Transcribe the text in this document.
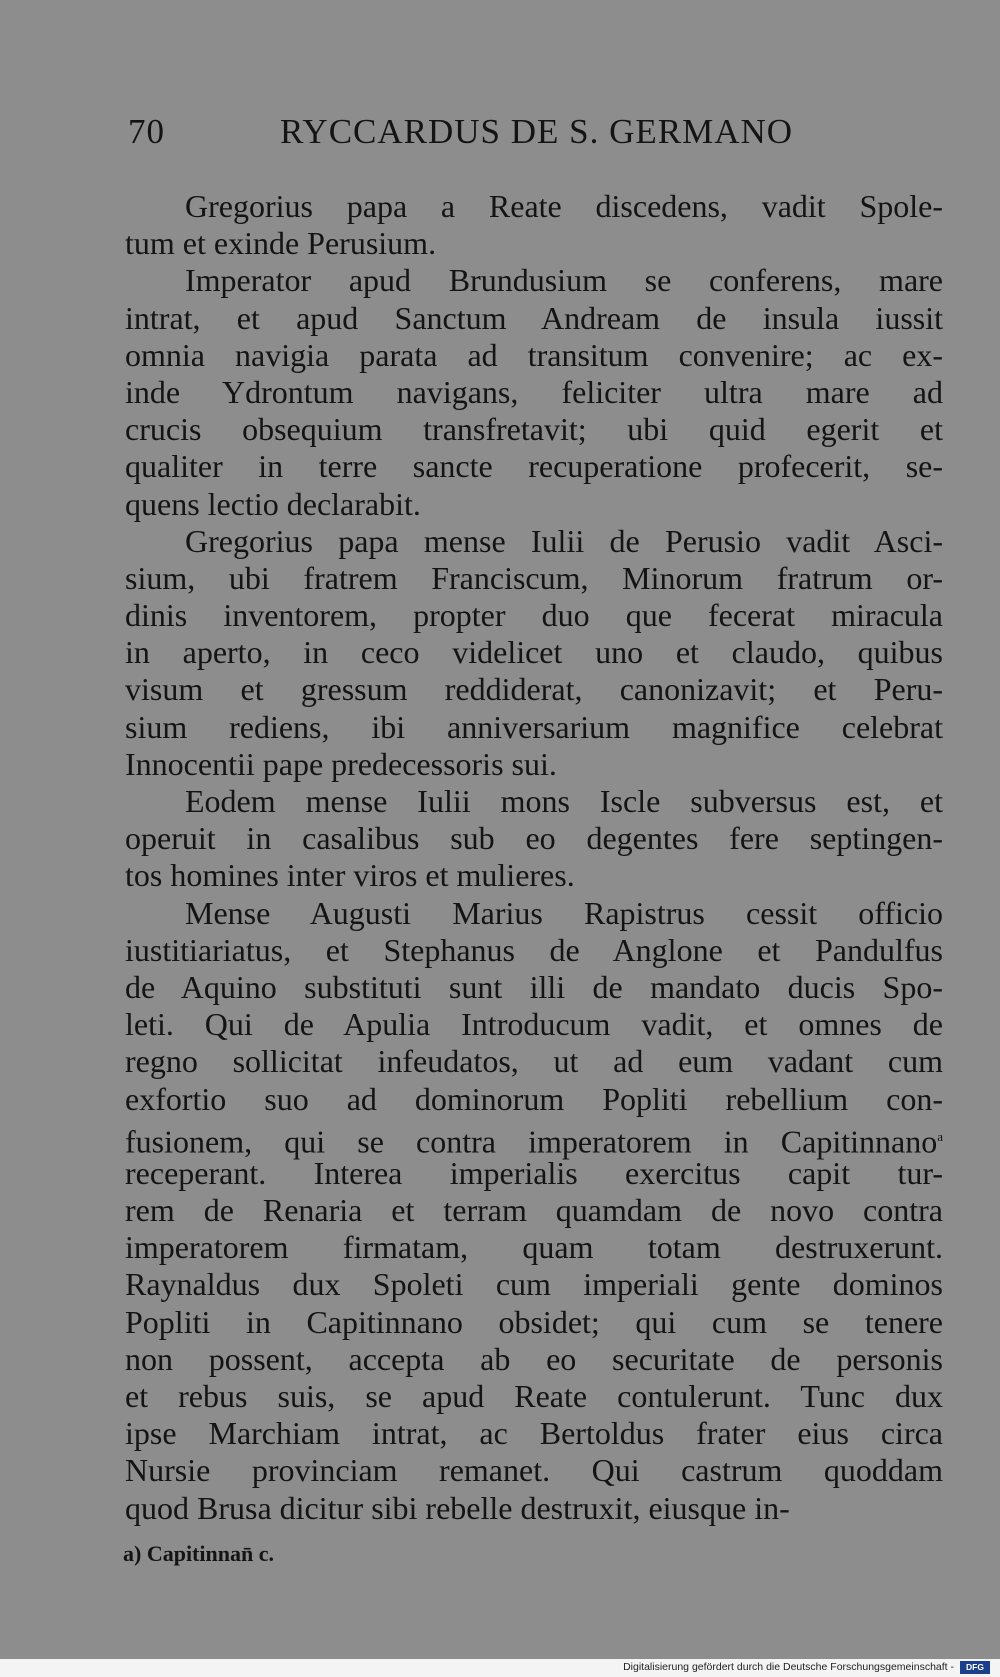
70	RYCCARDUS DE S. GERMANO
Gregorius papa a Reate discedens, vadit Spole-
tum et exinde Perusium.
Imperator apud Brundusium se conferens, mare
intrat, et apud Sanctum Andream de insula iussit
omnia navigia parata ad transitum convenire; ac ex-
inde Ydrontum navigans, feliciter ultra mare ad
crucis obsequium transfretavit; ubi quid egerit et
qualiter in terre sancte recuperatione profecerit, se-
quens lectio declarabit.
Gregorius papa mense Iulii de Perusio vadit Asci-
sium, ubi fratrem Franciscum, Minorum fratrum or-
dinis inventorem, propter duo que fecerat miracula
in aperto, in ceco videlicet uno et claudo, quibus
visum et gressum reddiderat, canonizavit; et Peru-
sium rediens, ibi anniversarium magnifice celebrat
Innocentii pape predecessoris sui.
Eodem mense Iulii mons Iscle subversus est, et
operuit in casalibus sub eo degentes fere septingen-
tos homines inter viros et mulieres.
Mense Augusti Marius Rapistrus cessit officio
iustitiariatus, et Stephanus de Anglone et Pandulfus
de Aquino substituti sunt illi de mandato ducis Spo-
leti. Qui de Apulia Introducum vadit, et omnes de
regno sollicitat infeudatos, ut ad eum vadant cum
exfortio suo ad dominorum Popliti rebellium con-
fusionem, qui se contra imperatorem in Capitinnano$^a$
receperant. Interea imperialis exercitus capit tur-
rem de Renaria et terram quamdam de novo contra
imperatorem firmatam, quam totam destruxerunt.
Raynaldus dux Spoleti cum imperiali gente dominos
Popliti in Capitinnano obsidet; qui cum se tenere
non possent, accepta ab eo securitate de personis
et rebus suis, se apud Reate contulerunt. Tunc dux
ipse Marchiam intrat, ac Bertoldus frater eius circa
Nursie provinciam remanet. Qui castrum quoddam
quod Brusa dicitur sibi rebelle destruxit, eiusque in-
a) Capitinnan̄ c.
Digitalisierung gefördert durch die Deutsche Forschungsgemeinschaft -	DFG
